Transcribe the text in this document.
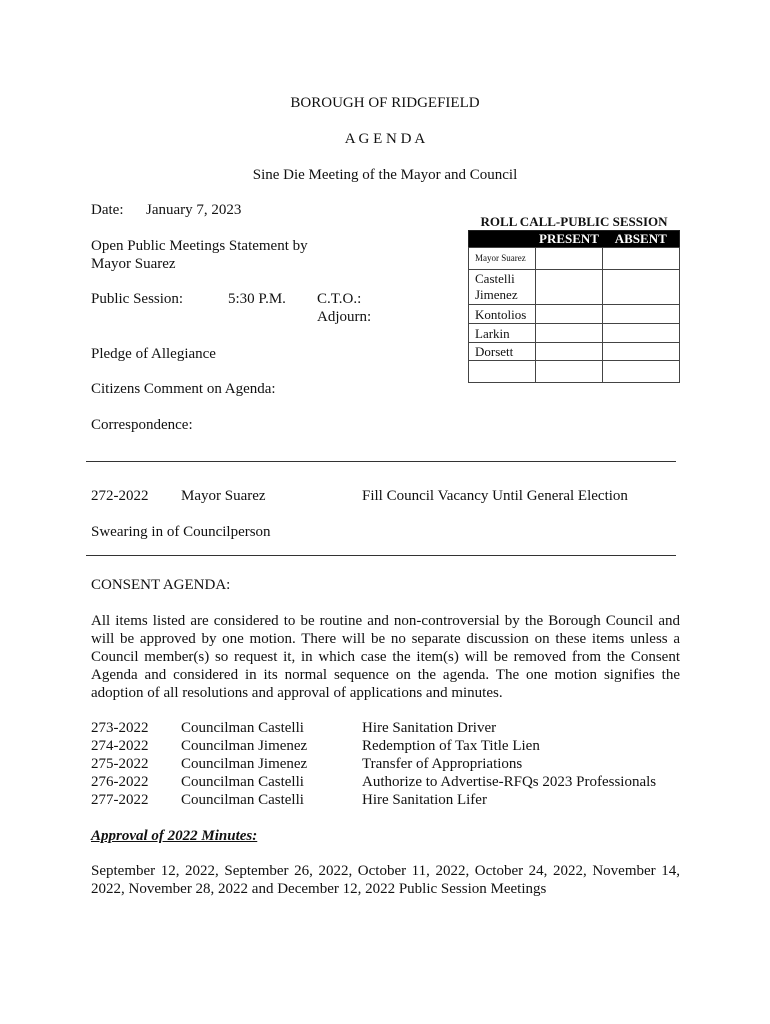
BOROUGH OF RIDGEFIELD
A G E N D A
Sine Die Meeting of the Mayor and Council
Date: January 7, 2023
Open Public Meetings Statement by
Mayor Suarez
Public Session:	5:30 P.M. C.T.O.:
Adjourn:
Pledge of Allegiance
Citizens Comment on Agenda:
Correspondence:
ROLL CALL-PUBLIC SESSION
	PRESENT	ABSENT
Mayor Suarez		
Castelli
Jimenez		
Kontolios		
Larkin		
Dorsett		

272-2022 Mayor Suarez	Fill Council Vacancy Until General Election
Swearing in of Councilperson
CONSENT AGENDA:
All items listed are considered to be routine and non-controversial by the Borough Council and will be approved by one motion. There will be no separate discussion on these items unless a Council member(s) so request it, in which case the item(s) will be removed from the Consent Agenda and considered in its normal sequence on the agenda. The one motion signifies the adoption of all resolutions and approval of applications and minutes.
273-2022 Councilman Castelli	Hire Sanitation Driver
274-2022 Councilman Jimenez	Redemption of Tax Title Lien
275-2022 Councilman Jimenez	Transfer of Appropriations
276-2022 Councilman Castelli	Authorize to Advertise-RFQs 2023 Professionals
277-2022 Councilman Castelli	Hire Sanitation Lifer
Approval of 2022 Minutes:
September 12, 2022, September 26, 2022, October 11, 2022, October 24, 2022, November 14, 2022, November 28, 2022 and December 12, 2022 Public Session Meetings
